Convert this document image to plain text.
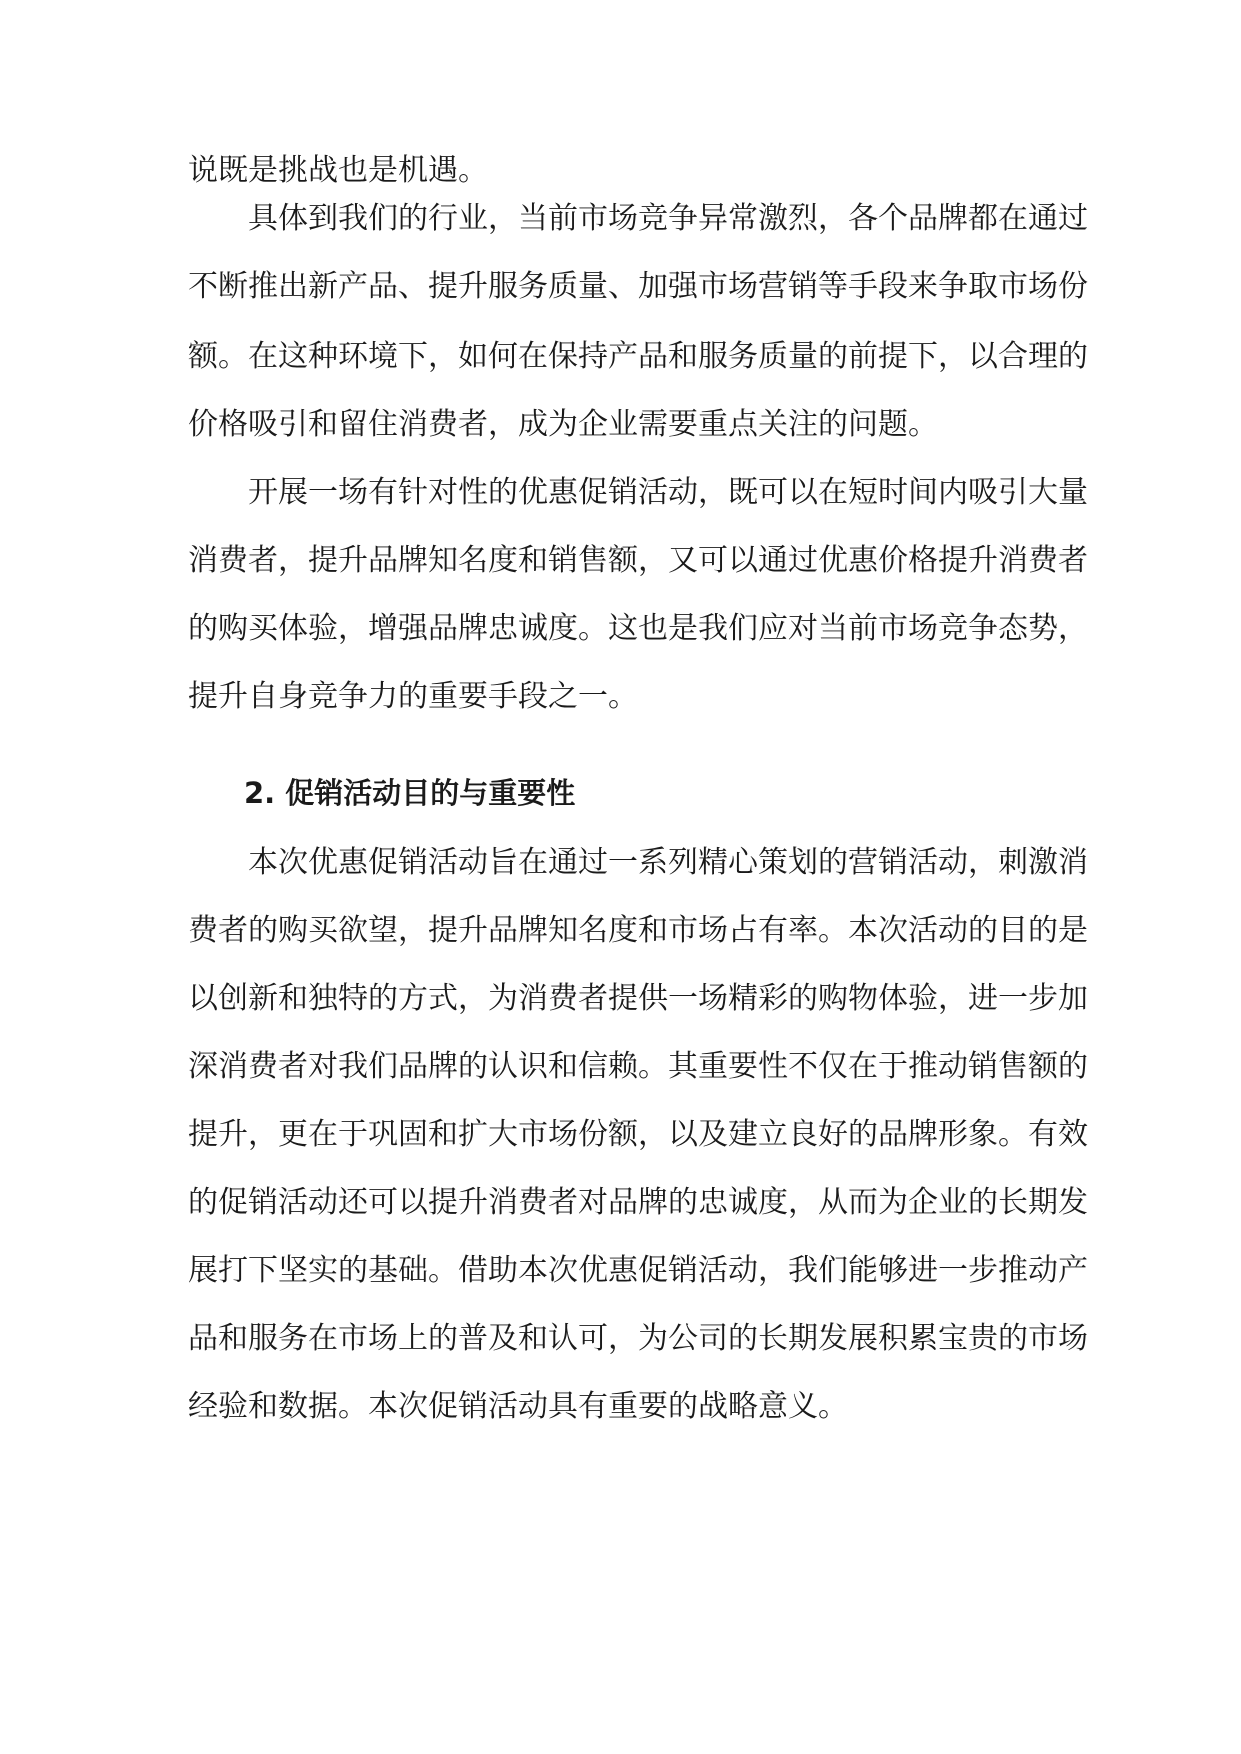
说既是挑战也是机遇。
具体到我们的行业，当前市场竞争异常激烈，各个品牌都在通过
不断推出新产品、提升服务质量、加强市场营销等手段来争取市场份
额。在这种环境下，如何在保持产品和服务质量的前提下，以合理的
价格吸引和留住消费者，成为企业需要重点关注的问题。
开展一场有针对性的优惠促销活动，既可以在短时间内吸引大量
消费者，提升品牌知名度和销售额，又可以通过优惠价格提升消费者
的购买体验，增强品牌忠诚度。这也是我们应对当前市场竞争态势，
提升自身竞争力的重要手段之一。
2. 促销活动目的与重要性
本次优惠促销活动旨在通过一系列精心策划的营销活动，刺激消
费者的购买欲望，提升品牌知名度和市场占有率。本次活动的目的是
以创新和独特的方式，为消费者提供一场精彩的购物体验，进一步加
深消费者对我们品牌的认识和信赖。其重要性不仅在于推动销售额的
提升，更在于巩固和扩大市场份额，以及建立良好的品牌形象。有效
的促销活动还可以提升消费者对品牌的忠诚度，从而为企业的长期发
展打下坚实的基础。借助本次优惠促销活动，我们能够进一步推动产
品和服务在市场上的普及和认可，为公司的长期发展积累宝贵的市场
经验和数据。本次促销活动具有重要的战略意义。
